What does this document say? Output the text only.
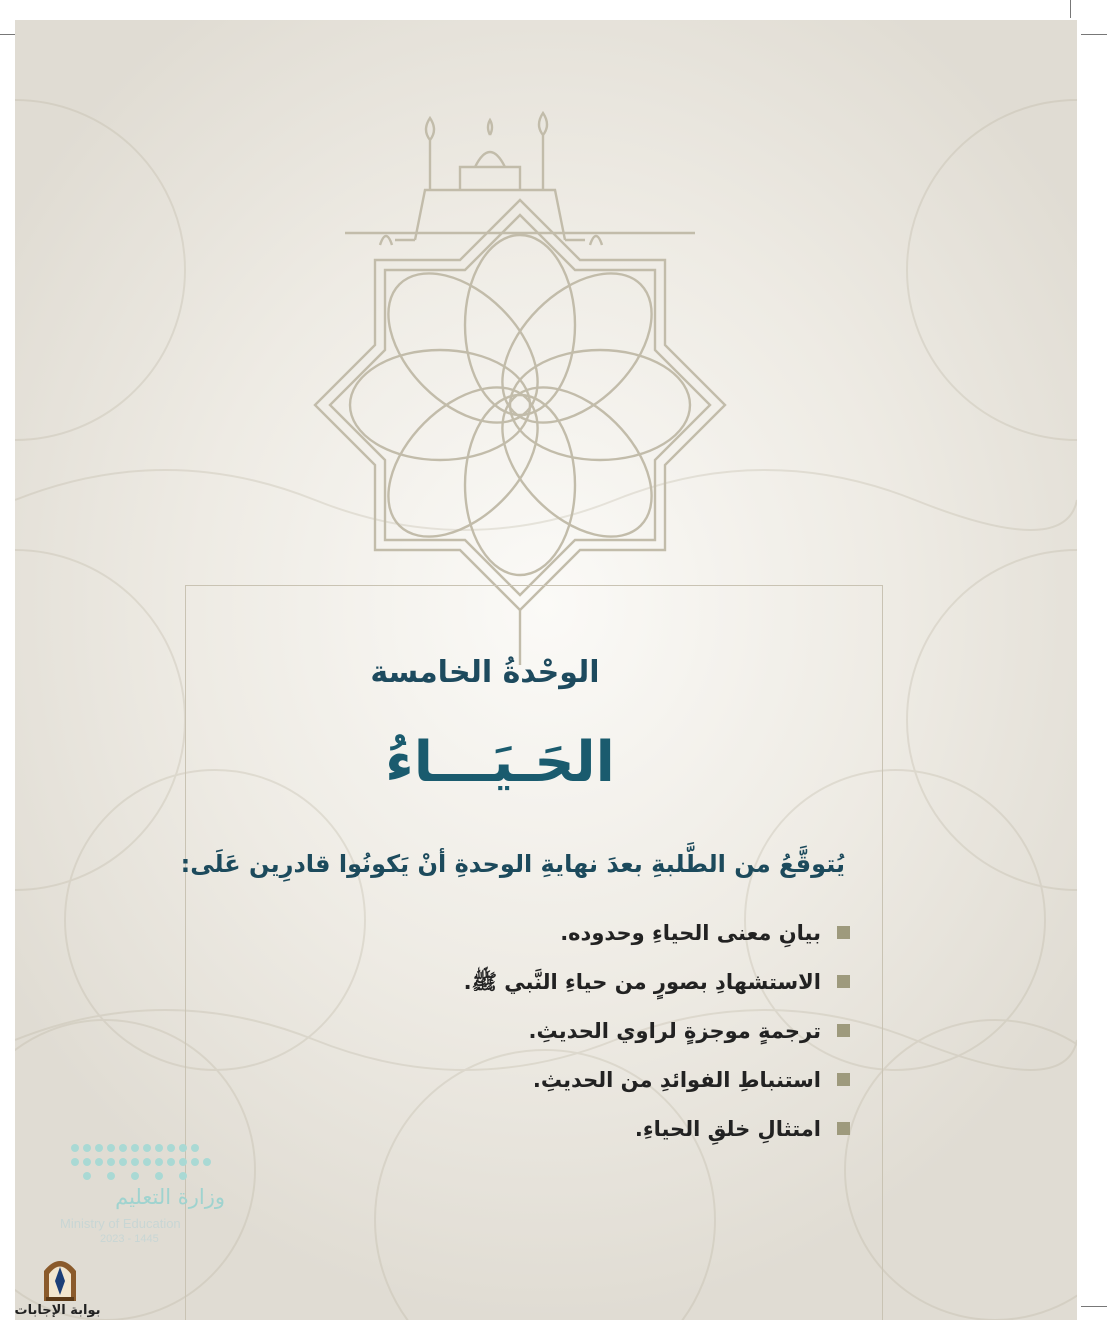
الوحْدةُ الخامسة
الحَـيَـــاءُ
يُتوقَّعُ من الطَّلبةِ بعدَ نهايةِ الوحدةِ أنْ يَكونُوا قادرِين عَلَى:
بيانِ معنى الحياءِ وحدوده.
الاستشهادِ بصورٍ من حياءِ النَّبي ﷺ.
ترجمةٍ موجزةٍ لراوي الحديثِ.
استنباطِ الفوائدِ من الحديثِ.
امتثالِ خلقِ الحياءِ.
وزارة التعليم
Ministry of Education
2023 - 1445
بوابة الإجابات
